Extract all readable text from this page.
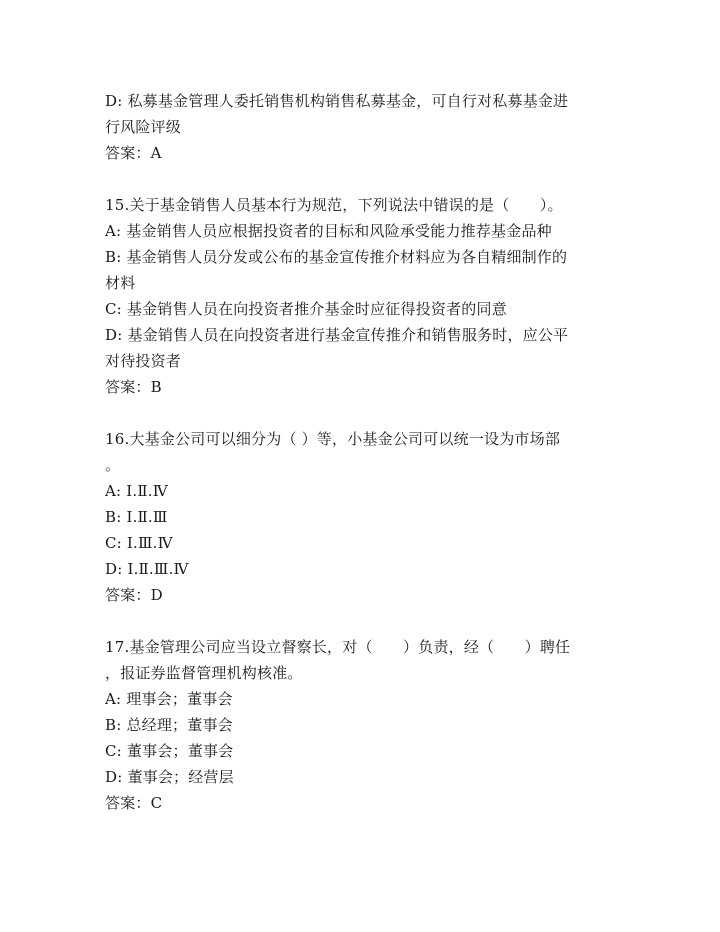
D: 私募基金管理人委托销售机构销售私募基金，可自行对私募基金进
行风险评级
答案：A
15.关于基金销售人员基本行为规范，下列说法中错误的是（　　）。
A: 基金销售人员应根据投资者的目标和风险承受能力推荐基金品种
B: 基金销售人员分发或公布的基金宣传推介材料应为各自精细制作的
材料
C: 基金销售人员在向投资者推介基金时应征得投资者的同意
D: 基金销售人员在向投资者进行基金宣传推介和销售服务时，应公平
对待投资者
答案：B
16.大基金公司可以细分为（ ）等，小基金公司可以统一设为市场部
。
A: Ⅰ.Ⅱ.Ⅳ
B: Ⅰ.Ⅱ.Ⅲ
C: Ⅰ.Ⅲ.Ⅳ
D: Ⅰ.Ⅱ.Ⅲ.Ⅳ
答案：D
17.基金管理公司应当设立督察长，对（　　）负责，经（　　）聘任
，报证券监督管理机构核准。
A: 理事会；董事会
B: 总经理；董事会
C: 董事会；董事会
D: 董事会；经营层
答案：C
